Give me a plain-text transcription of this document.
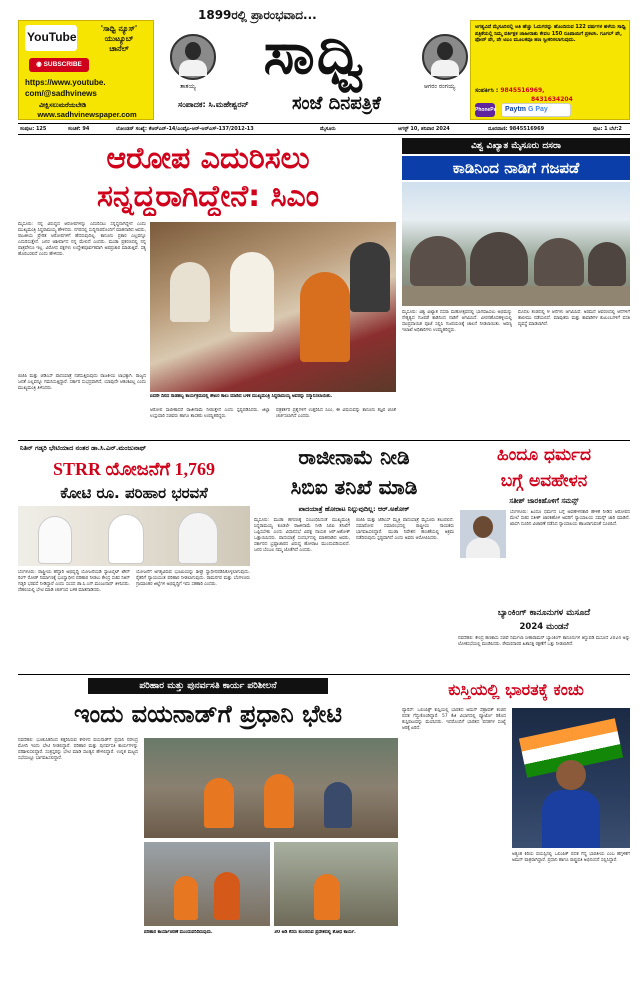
YouTube
'ಸಾಧ್ವಿ ನ್ಯೂಸ್'
ಯುಟ್ಯೂಬ್
ಚಾನೆಲ್
◉ SUBSCRIBE
https://www.youtube.
com/@sadhvinews
ವೀಕ್ಷಿಸಲುಮರೆಯಬೇಡಿ
www.sadhvinewspaper.com
1899ರಲ್ಲಿ ಪ್ರಾರಂಭವಾದ...
ತಾತಯ್ಯ	ಸಾಧ್ವಿ	ಆಗರಂ ರಂಗಯ್ಯ
ಸಂಪಾದಕ: ಸಿ.ಮಹೇಶ್ವರನ್ ಸಂಜೆ ದಿನಪತ್ರಿಕೆ
ಅಗತ್ಯವಿದೆ ಮೈಸೂರಿನಲ್ಲಿ ಅತಿ ಹೆಚ್ಚು ಓದುಗರನ್ನು ಹೊಂದಿರುವ 122 ವರ್ಷಗಳ ಹಳೆಯ ಸಾಧ್ವಿ ಪತ್ರಿಕೆಯಲ್ಲಿ ನಿಮ್ಮ ವರ್ತಿಕ್ಷಕ ಜಾಹೀರಾತು ಕೇವಲ 150 ರೂಪಾಯಿಗೆ ಪ್ರಕಟಿಸಿ. ಗೂಗಲ್ ಪೇ, ಫೋನ್ ಪೇ, ಪೇ ಟಿಎಂ ಮೂಲಕವೂ ಹಣ ಸ್ವೀಕರಿಸಲಾಗುವುದು.
ಸಂಪರ್ಕಿಸಿ : 9845516969,
8431634204
PhonePe	Paytm G Pay
ಸಂಪುಟ: 125	ಸಂಚಿಕೆ: 94	ಲೋಂಡನ್ ಸಂಖ್ಯೆ: ಕೆಆರ್‌ಎನ್-14/ಎಂವೈಎ-ಆರ್-ಆರ್‌ಎಸ್-137/2012-13	ಮೈಸೂರು	ಆಗಸ್ಟ್ 10, ಶನಿವಾರ 2024	ದೂರವಾಣಿ: 9845516969	ಪುಟ: 1 ಬೆಲೆ:2
ಆರೋಪ ಎದುರಿಸಲು
ಸನ್ನದ್ಧರಾಗಿದ್ದೇನೆ: ಸಿಎಂ
ಮೈಸೂರು: ನನ್ನ ವಿರುದ್ಧದ ಆರೋಪಗಳನ್ನು ಎದುರಿಸಲು ಸನ್ನದ್ಧನಾಗಿದ್ದೇನೆ ಎಂದು ಮುಖ್ಯಮಂತ್ರಿ ಸಿದ್ದರಾಮಯ್ಯ ಹೇಳಿದರು. ನಗರದಲ್ಲಿ ಸುದ್ದಿಗಾರರೊಂದಿಗೆ ಮಾತನಾಡಿದ ಅವರು, ರಾಜಕೀಯ ಪ್ರೇರಿತ ಆರೋಪಗಳಿಗೆ ಹೆದರುವುದಿಲ್ಲ. ಕಾನೂನು ಪ್ರಕಾರ ಎಲ್ಲವನ್ನೂ ಎದುರಿಸುತ್ತೇನೆ. ಜನರ ಆಶೀರ್ವಾದ ನನ್ನ ಮೇಲಿದೆ ಎಂದರು. ಮುಡಾ ಪ್ರಕರಣದಲ್ಲಿ ನನ್ನ ಪಾತ್ರವೇನೂ ಇಲ್ಲ. ವಿರೋಧ ಪಕ್ಷಗಳು ಉದ್ದೇಶಪೂರ್ವಕವಾಗಿ ಅಪಪ್ರಚಾರ ಮಾಡುತ್ತಿವೆ. ಸತ್ಯ ಹೊರಬರಲಿದೆ ಎಂದು ಹೇಳಿದರು.
ಬಿಜೆಪಿ ಮತ್ತು ಜೆಡಿಎಸ್ ಪಾದಯಾತ್ರೆ ನಡೆಸುತ್ತಿರುವುದು ರಾಜಕೀಯ ಲಾಭಕ್ಕಾಗಿ. ರಾಜ್ಯದ ಜನತೆ ಎಲ್ಲವನ್ನೂ ಗಮನಿಸುತ್ತಿದ್ದಾರೆ. ಸರ್ಕಾರ ಸುಭದ್ರವಾಗಿದೆ, ಯಾವುದೇ ಆತಂಕವಿಲ್ಲ ಎಂದು ಮುಖ್ಯಮಂತ್ರಿ ತಿಳಿಸಿದರು.
ಐದನೇ ದಿನದ ನಾಡಹಬ್ಬ ಕಾರ್ಯಕ್ರಮದಲ್ಲಿ ಶೇಖರ ಕಾಲು ಮಾಡಿದ ಬಳಿಕ ಮುಖ್ಯಮಂತ್ರಿ ಸಿದ್ದರಾಮಯ್ಯ ಅವರನ್ನು ಸನ್ಮಾನಿಸಲಾಯಿತು.
ಆರೋಪ ಸಾಬೀತಾದರೆ ರಾಜೀನಾಮೆ ನೀಡುತ್ತೇನೆ ಎಂದು ಸ್ಪಷ್ಟಪಡಿಸಿದರು. ಜಿಲ್ಲಾ ಉಸ್ತುವಾರಿ ಸಚಿವರು ಹಾಗೂ ಶಾಸಕರು ಉಪಸ್ಥಿತರಿದ್ದರು.
ಪತ್ರಕರ್ತರ ಪ್ರಶ್ನೆಗಳಿಗೆ ಉತ್ತರಿಸಿದ ಸಿಎಂ, ಈ ವಿಷಯವನ್ನು ಕಾನೂನು ತಜ್ಞರ ಜೊತೆ ಚರ್ಚಿಸಲಾಗಿದೆ ಎಂದರು.
ವಿಶ್ವ ವಿಖ್ಯಾತ ಮೈಸೂರು ದಸರಾ
ಕಾಡಿನಿಂದ ನಾಡಿಗೆ ಗಜಪಡೆ
ಮೈಸೂರು: ವಿಶ್ವ ವಿಖ್ಯಾತ ದಸರಾ ಮಹೋತ್ಸವದಲ್ಲಿ ಭಾಗವಹಿಸಲು ಅಭಿಮನ್ಯು ನೇತೃತ್ವದ ಗಜಪಡೆ ಕಾಡಿನಿಂದ ನಾಡಿಗೆ ಆಗಮಿಸಿದೆ. ವೀರನಹೊಸಹಳ್ಳಿಯಲ್ಲಿ ಸಾಂಪ್ರದಾಯಿಕ ಪೂಜೆ ಸಲ್ಲಿಸಿ ಗಜಪಯಣಕ್ಕೆ ಚಾಲನೆ ನೀಡಲಾಯಿತು. ಅರಣ್ಯ ಇಲಾಖೆ ಅಧಿಕಾರಿಗಳು ಉಪಸ್ಥಿತರಿದ್ದರು.
ಮೊದಲ ತಂಡದಲ್ಲಿ 9 ಆನೆಗಳು ಆಗಮಿಸಿವೆ. ಅರಮನೆ ಆವರಣದಲ್ಲಿ ಆನೆಗಳಿಗೆ ತಾಲೀಮು ನಡೆಯಲಿದೆ. ಮಾವುತರು ಮತ್ತು ಕಾವಾಡಿಗಳ ಕುಟುಂಬಗಳಿಗೆ ವಸತಿ ವ್ಯವಸ್ಥೆ ಮಾಡಲಾಗಿದೆ.
ನಿತಿನ್ ಗಡ್ಕರಿ ಭೇಟಿಯಾದ ನಂತರ ಡಾ.ಸಿ.ಎನ್.ಮಂಜುನಾಥ್
STRR ಯೋಜನೆಗೆ 1,769
ಕೋಟಿ ರೂ. ಪರಿಹಾರ ಭರವಸೆ
ಬೆಂಗಳೂರು: ರಾಷ್ಟ್ರೀಯ ಹೆದ್ದಾರಿ ಅಭಿವೃದ್ಧಿ ಯೋಜನೆಯಡಿ ಸ್ಯಾಟಲೈಟ್ ಟೌನ್ ರಿಂಗ್ ರೋಡ್ ನಿರ್ಮಾಣಕ್ಕೆ ಭೂಸ್ವಾಧೀನ ಪರಿಹಾರ ನೀಡಲು ಕೇಂದ್ರ ಸಚಿವ ನಿತಿನ್ ಗಡ್ಕರಿ ಭರವಸೆ ನೀಡಿದ್ದಾರೆ ಎಂದು ಸಂಸದ ಡಾ.ಸಿ.ಎನ್.ಮಂಜುನಾಥ್ ತಿಳಿಸಿದರು. ದೆಹಲಿಯಲ್ಲಿ ಭೇಟಿ ಮಾಡಿ ಚರ್ಚಿಸಿದ ಬಳಿಕ ಮಾತನಾಡಿದರು.
ಯೋಜನೆಗೆ ಅಗತ್ಯವಿರುವ ಭೂಮಿಯನ್ನು ಶೀಘ್ರ ಸ್ವಾಧೀನಪಡಿಸಿಕೊಳ್ಳಲಾಗುವುದು. ರೈತರಿಗೆ ನ್ಯಾಯಯುತ ಪರಿಹಾರ ನೀಡಲಾಗುವುದು. ರಾಮನಗರ ಮತ್ತು ಬೆಂಗಳೂರು ಗ್ರಾಮಾಂತರ ಜಿಲ್ಲೆಗಳ ಅಭಿವೃದ್ಧಿಗೆ ಇದು ಸಹಕಾರಿ ಎಂದರು.
ರಾಜೀನಾಮೆ ನೀಡಿ
ಸಿಬಿಐ ತನಿಖೆ ಮಾಡಿ
ಪಾದಯಾತ್ರೆ ಹೋರಾಟ ನಿಲ್ಲುವುದಿಲ್ಲ: ಆರ್.ಅಶೋಕ್
ಮೈಸೂರು: ಮುಡಾ ಹಗರಣಕ್ಕೆ ಸಂಬಂಧಿಸಿದಂತೆ ಮುಖ್ಯಮಂತ್ರಿ ಸಿದ್ದರಾಮಯ್ಯ ಕೂಡಲೇ ರಾಜೀನಾಮೆ ನೀಡಿ ಸಿಬಿಐ ತನಿಖೆಗೆ ಒಪ್ಪಿಸಬೇಕು ಎಂದು ವಿಧಾನಸಭೆ ವಿಪಕ್ಷ ನಾಯಕ ಆರ್.ಅಶೋಕ್ ಒತ್ತಾಯಿಸಿದರು. ಪಾದಯಾತ್ರೆ ಸಂದರ್ಭದಲ್ಲಿ ಮಾತನಾಡಿದ ಅವರು, ಸರ್ಕಾರದ ಭ್ರಷ್ಟಾಚಾರದ ವಿರುದ್ಧ ಹೋರಾಟ ಮುಂದುವರಿಯಲಿದೆ. ಜನರ ಬೆಂಬಲ ನಮ್ಮ ಜೊತೆಗಿದೆ ಎಂದರು.
ಬಿಜೆಪಿ ಮತ್ತು ಜೆಡಿಎಸ್ ಮೈತ್ರಿ ಪಾದಯಾತ್ರೆ ಮೈಸೂರು ತಲುಪಲಿದೆ. ಸಮಾರೋಪ ಸಮಾರಂಭದಲ್ಲಿ ರಾಷ್ಟ್ರೀಯ ನಾಯಕರು ಭಾಗವಹಿಸಲಿದ್ದಾರೆ. ಮುಡಾ ನಿವೇಶನ ಹಂಚಿಕೆಯಲ್ಲಿ ಅಕ್ರಮ ನಡೆದಿರುವುದು ಸ್ಪಷ್ಟವಾಗಿದೆ ಎಂದು ಅವರು ಆರೋಪಿಸಿದರು.
ಹಿಂದೂ ಧರ್ಮದ
ಬಗ್ಗೆ ಅವಹೇಳನ
ಸತೀಶ್ ಜಾರಕಿಹೊಳಿಗೆ ಸಮನ್ಸ್
ಬೆಂಗಳೂರು: ಹಿಂದೂ ಧರ್ಮದ ಬಗ್ಗೆ ಅವಹೇಳನಕಾರಿ ಹೇಳಿಕೆ ನೀಡಿದ ಆರೋಪದ ಮೇಲೆ ಸಚಿವ ಸತೀಶ್ ಜಾರಕಿಹೊಳಿ ಅವರಿಗೆ ನ್ಯಾಯಾಲಯ ಸಮನ್ಸ್ ಜಾರಿ ಮಾಡಿದೆ. ಖಾಸಗಿ ದೂರಿನ ವಿಚಾರಣೆ ನಡೆಸಿದ ನ್ಯಾಯಾಲಯ ಹಾಜರಾಗುವಂತೆ ಸೂಚಿಸಿದೆ.
ಬ್ಯಾಂಕಿಂಗ್ ಕಾನೂನುಗಳ ಮಸೂದೆ
2024 ಮಂಡನೆ
ನವದೆಹಲಿ: ಕೇಂದ್ರ ಹಣಕಾಸು ಸಚಿವೆ ನಿರ್ಮಲಾ ಸೀತಾರಾಮನ್ ಬ್ಯಾಂಕಿಂಗ್ ಕಾನೂನುಗಳ ತಿದ್ದುಪಡಿ ಮಸೂದೆ 2024 ಅನ್ನು ಲೋಕಸಭೆಯಲ್ಲಿ ಮಂಡಿಸಿದರು. ಠೇವಣಿದಾರರ ಹಿತಾಸಕ್ತಿ ರಕ್ಷಣೆಗೆ ಒತ್ತು ನೀಡಲಾಗಿದೆ.
ಪರಿಹಾರ ಮತ್ತು ಪುನರ್ವಸತಿ ಕಾರ್ಯ ಪರಿಶೀಲನೆ
ಇಂದು ವಯನಾಡ್‌ಗೆ ಪ್ರಧಾನಿ ಭೇಟಿ
ನವದೆಹಲಿ: ಭೂಕುಸಿತದಿಂದ ತತ್ತರಿಸಿರುವ ಕೇರಳದ ವಯನಾಡ್‌ಗೆ ಪ್ರಧಾನಿ ನರೇಂದ್ರ ಮೋದಿ ಇಂದು ಭೇಟಿ ನೀಡಲಿದ್ದಾರೆ. ಪರಿಹಾರ ಮತ್ತು ಪುನರ್ವಸತಿ ಕಾರ್ಯಗಳನ್ನು ಪರಿಶೀಲಿಸಲಿದ್ದಾರೆ. ಸಂತ್ರಸ್ತರನ್ನು ಭೇಟಿ ಮಾಡಿ ಸಾಂತ್ವನ ಹೇಳಲಿದ್ದಾರೆ. ಉನ್ನತ ಮಟ್ಟದ ಸಭೆಯಲ್ಲೂ ಭಾಗವಹಿಸಲಿದ್ದಾರೆ.
ಪರಿಹಾರ ಕಾರ್ಯಾಚರಣೆ ಮುಂದುವರಿದಿರುವುದು.	30 ಅಡಿ ಕೆಸರು ತುಂಬಿರುವ ಪ್ರದೇಶದಲ್ಲಿ ಶೋಧ ಕಾರ್ಯ.
ಕುಸ್ತಿಯಲ್ಲಿ ಭಾರತಕ್ಕೆ ಕಂಚು
ಪ್ಯಾರಿಸ್: ಒಲಿಂಪಿಕ್ಸ್ ಕುಸ್ತಿಯಲ್ಲಿ ಭಾರತದ ಅಮನ್ ಸೆಹ್ರಾವತ್ ಕಂಚಿನ ಪದಕ ಗೆದ್ದುಕೊಂಡಿದ್ದಾರೆ. 57 ಕೆಜಿ ವಿಭಾಗದಲ್ಲಿ ಪ್ಯೂರ್ಟೊ ರಿಕೊದ ಕುಸ್ತಿಪಟುವನ್ನು ಮಣಿಸಿದರು. ಇದರೊಂದಿಗೆ ಭಾರತದ ಪದಕಗಳ ಸಂಖ್ಯೆ ಆರಕ್ಕೆ ಏರಿದೆ.
ಅತ್ಯಂತ ಕಿರಿಯ ವಯಸ್ಸಿನಲ್ಲಿ ಒಲಿಂಪಿಕ್ ಪದಕ ಗೆದ್ದ ಭಾರತೀಯ ಎಂಬ ಹೆಗ್ಗಳಿಕೆಗೆ ಅಮನ್ ಪಾತ್ರರಾಗಿದ್ದಾರೆ. ಪ್ರಧಾನಿ ಹಾಗೂ ರಾಷ್ಟ್ರಪತಿ ಅಭಿನಂದನೆ ಸಲ್ಲಿಸಿದ್ದಾರೆ.
